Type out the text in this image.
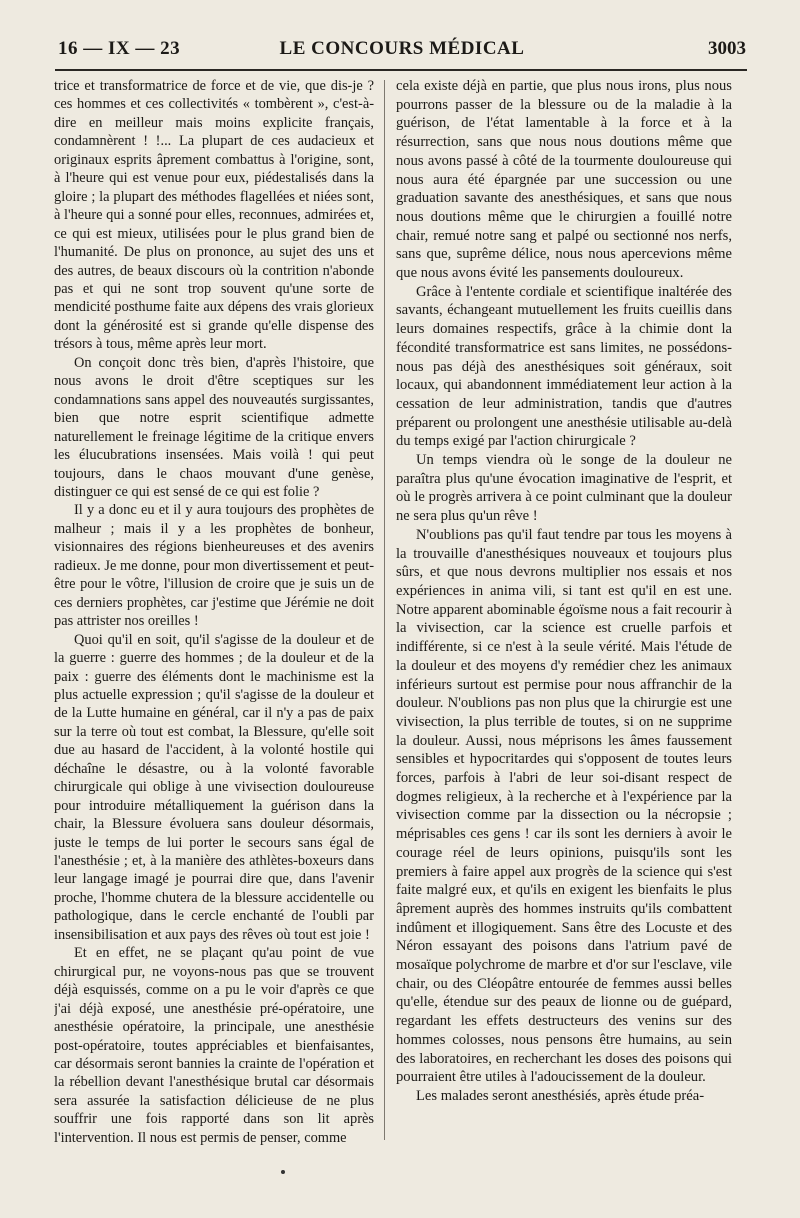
16 — IX — 23	LE CONCOURS MÉDICAL	3003

trice et transformatrice de force et de vie, que dis-je ? ces hommes et ces collectivités « tombèrent », c'est-à-dire en meilleur mais moins explicite français, condamnèrent ! !... La plupart de ces audacieux et originaux esprits âprement combattus à l'origine, sont, à l'heure qui est venue pour eux, piédestalisés dans la gloire ; la plupart des méthodes flagellées et niées sont, à l'heure qui a sonné pour elles, reconnues, admirées et, ce qui est mieux, utilisées pour le plus grand bien de l'humanité. De plus on prononce, au sujet des uns et des autres, de beaux discours où la contrition n'abonde pas et qui ne sont trop souvent qu'une sorte de mendicité posthume faite aux dépens des vrais glorieux dont la générosité est si grande qu'elle dispense des trésors à tous, même après leur mort.

On conçoit donc très bien, d'après l'histoire, que nous avons le droit d'être sceptiques sur les condamnations sans appel des nouveautés surgissantes, bien que notre esprit scientifique admette naturellement le freinage légitime de la critique envers les élucubrations insensées. Mais voilà ! qui peut toujours, dans le chaos mouvant d'une genèse, distinguer ce qui est sensé de ce qui est folie ?

Il y a donc eu et il y aura toujours des prophètes de malheur ; mais il y a les prophètes de bonheur, visionnaires des régions bienheureuses et des avenirs radieux. Je me donne, pour mon divertissement et peut-être pour le vôtre, l'illusion de croire que je suis un de ces derniers prophètes, car j'estime que Jérémie ne doit pas attrister nos oreilles !

Quoi qu'il en soit, qu'il s'agisse de la douleur et de la guerre : guerre des hommes ; de la douleur et de la paix : guerre des éléments dont le machinisme est la plus actuelle expression ; qu'il s'agisse de la douleur et de la Lutte humaine en général, car il n'y a pas de paix sur la terre où tout est combat, la Blessure, qu'elle soit due au hasard de l'accident, à la volonté hostile qui déchaîne le désastre, ou à la volonté favorable chirurgicale qui oblige à une vivisection douloureuse pour introduire métalliquement la guérison dans la chair, la Blessure évoluera sans douleur désormais, juste le temps de lui porter le secours sans égal de l'anesthésie ; et, à la manière des athlètes-boxeurs dans leur langage imagé je pourrai dire que, dans l'avenir proche, l'homme chutera de la blessure accidentelle ou pathologique, dans le cercle enchanté de l'oubli par insensibilisation et aux pays des rêves où tout est joie !

Et en effet, ne se plaçant qu'au point de vue chirurgical pur, ne voyons-nous pas que se trouvent déjà esquissés, comme on a pu le voir d'après ce que j'ai déjà exposé, une anesthésie pré-opératoire, une anesthésie opératoire, la principale, une anesthésie post-opératoire, toutes appréciables et bienfaisantes, car désormais seront bannies la crainte de l'opération et la rébellion devant l'anesthésique brutal car désormais sera assurée la satisfaction délicieuse de ne plus souffrir une fois rapporté dans son lit après l'intervention. Il nous est permis de penser, comme

cela existe déjà en partie, que plus nous irons, plus nous pourrons passer de la blessure ou de la maladie à la guérison, de l'état lamentable à la force et à la résurrection, sans que nous nous doutions même que nous avons passé à côté de la tourmente douloureuse qui nous aura été épargnée par une succession ou une graduation savante des anesthésiques, et sans que nous nous doutions même que le chirurgien a fouillé notre chair, remué notre sang et palpé ou sectionné nos nerfs, sans que, suprême délice, nous nous apercevions même que nous avons évité les pansements douloureux.

Grâce à l'entente cordiale et scientifique inaltérée des savants, échangeant mutuellement les fruits cueillis dans leurs domaines respectifs, grâce à la chimie dont la fécondité transformatrice est sans limites, ne possédons-nous pas déjà des anesthésiques soit généraux, soit locaux, qui abandonnent immédiatement leur action à la cessation de leur administration, tandis que d'autres préparent ou prolongent une anesthésie utilisable au-delà du temps exigé par l'action chirurgicale ?

Un temps viendra où le songe de la douleur ne paraîtra plus qu'une évocation imaginative de l'esprit, et où le progrès arrivera à ce point culminant que la douleur ne sera plus qu'un rêve !

N'oublions pas qu'il faut tendre par tous les moyens à la trouvaille d'anesthésiques nouveaux et toujours plus sûrs, et que nous devrons multiplier nos essais et nos expériences in anima vili, si tant est qu'il en est une. Notre apparent abominable égoïsme nous a fait recourir à la vivisection, car la science est cruelle parfois et indifférente, si ce n'est à la seule vérité. Mais l'étude de la douleur et des moyens d'y remédier chez les animaux inférieurs surtout est permise pour nous affranchir de la douleur. N'oublions pas non plus que la chirurgie est une vivisection, la plus terrible de toutes, si on ne supprime la douleur. Aussi, nous méprisons les âmes faussement sensibles et hypocritardes qui s'opposent de toutes leurs forces, parfois à l'abri de leur soi-disant respect de dogmes religieux, à la recherche et à l'expérience par la vivisection comme par la dissection ou la nécropsie ; méprisables ces gens ! car ils sont les derniers à avoir le courage réel de leurs opinions, puisqu'ils sont les premiers à faire appel aux progrès de la science qui s'est faite malgré eux, et qu'ils en exigent les bienfaits le plus âprement auprès des hommes instruits qu'ils combattent indûment et illogiquement. Sans être des Locuste et des Néron essayant des poisons dans l'atrium pavé de mosaïque polychrome de marbre et d'or sur l'esclave, vile chair, ou des Cléopâtre entourée de femmes aussi belles qu'elle, étendue sur des peaux de lionne ou de guépard, regardant les effets destructeurs des venins sur des hommes colosses, nous pensons être humains, au sein des laboratoires, en recherchant les doses des poisons qui pourraient être utiles à l'adoucissement de la douleur.

Les malades seront anesthésiés, après étude préa-
